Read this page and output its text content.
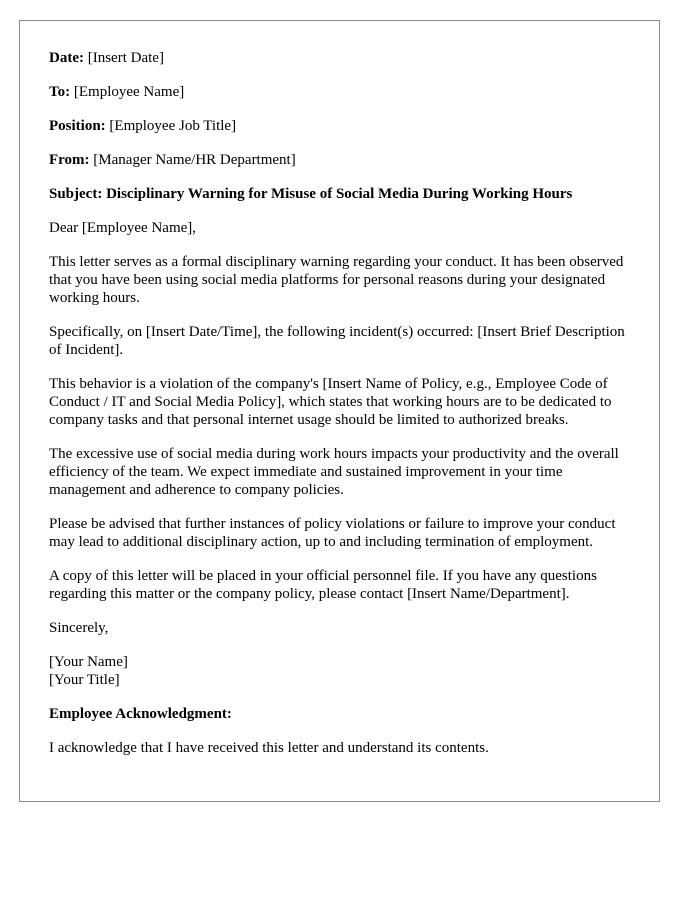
Date: [Insert Date]

To: [Employee Name]

Position: [Employee Job Title]

From: [Manager Name/HR Department]

Subject: Disciplinary Warning for Misuse of Social Media During Working Hours

Dear [Employee Name],

This letter serves as a formal disciplinary warning regarding your conduct. It has been observed that you have been using social media platforms for personal reasons during your designated working hours.

Specifically, on [Insert Date/Time], the following incident(s) occurred: [Insert Brief Description of Incident].

This behavior is a violation of the company's [Insert Name of Policy, e.g., Employee Code of Conduct / IT and Social Media Policy], which states that working hours are to be dedicated to company tasks and that personal internet usage should be limited to authorized breaks.

The excessive use of social media during work hours impacts your productivity and the overall efficiency of the team. We expect immediate and sustained improvement in your time management and adherence to company policies.

Please be advised that further instances of policy violations or failure to improve your conduct may lead to additional disciplinary action, up to and including termination of employment.

A copy of this letter will be placed in your official personnel file. If you have any questions regarding this matter or the company policy, please contact [Insert Name/Department].

Sincerely,

[Your Name]
[Your Title]

Employee Acknowledgment:

I acknowledge that I have received this letter and understand its contents.
